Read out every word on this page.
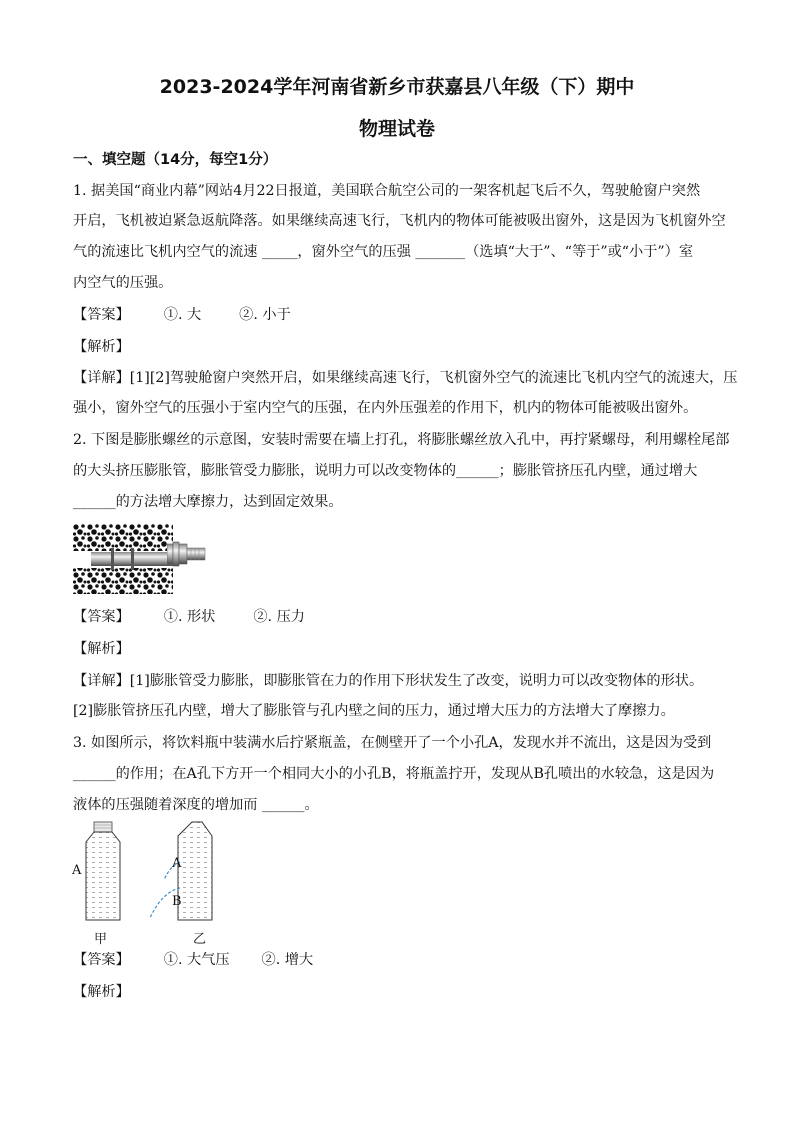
2023-2024学年河南省新乡市获嘉县八年级（下）期中
物理试卷
一、填空题（14分，每空1分）
1. 据美国“商业内幕”网站4月22日报道，美国联合航空公司的一架客机起飞后不久，驾驶舱窗户突然
开启，飞机被迫紧急返航降落。如果继续高速飞行，飞机内的物体可能被吸出窗外，这是因为飞机窗外空
气的流速比飞机内空气的流速 _____，窗外空气的压强 _______（选填“大于”、“等于”或“小于”）室
内空气的压强。
【答案】 ①. 大	②. 小于
【解析】
【详解】[1][2]驾驶舱窗户突然开启，如果继续高速飞行，飞机窗外空气的流速比飞机内空气的流速大，压
强小，窗外空气的压强小于室内空气的压强，在内外压强差的作用下，机内的物体可能被吸出窗外。
2. 下图是膨胀螺丝的示意图，安装时需要在墙上打孔，将膨胀螺丝放入孔中，再拧紧螺母，利用螺栓尾部
的大头挤压膨胀管，膨胀管受力膨胀，说明力可以改变物体的______；膨胀管挤压孔内壁，通过增大
______的方法增大摩擦力，达到固定效果。
【答案】 ①. 形状	②. 压力
【解析】
【详解】[1]膨胀管受力膨胀，即膨胀管在力的作用下形状发生了改变，说明力可以改变物体的形状。
[2]膨胀管挤压孔内壁，增大了膨胀管与孔内壁之间的压力，通过增大压力的方法增大了摩擦力。
3. 如图所示，将饮料瓶中装满水后拧紧瓶盖，在侧壁开了一个小孔A，发现水并不流出，这是因为受到
______的作用；在A孔下方开一个相同大小的小孔B，将瓶盖拧开，发现从B孔喷出的水较急，这是因为
液体的压强随着深度的增加而 ______。
A	A
B
甲	乙
【答案】 ①. 大气压 ②. 增大
【解析】
